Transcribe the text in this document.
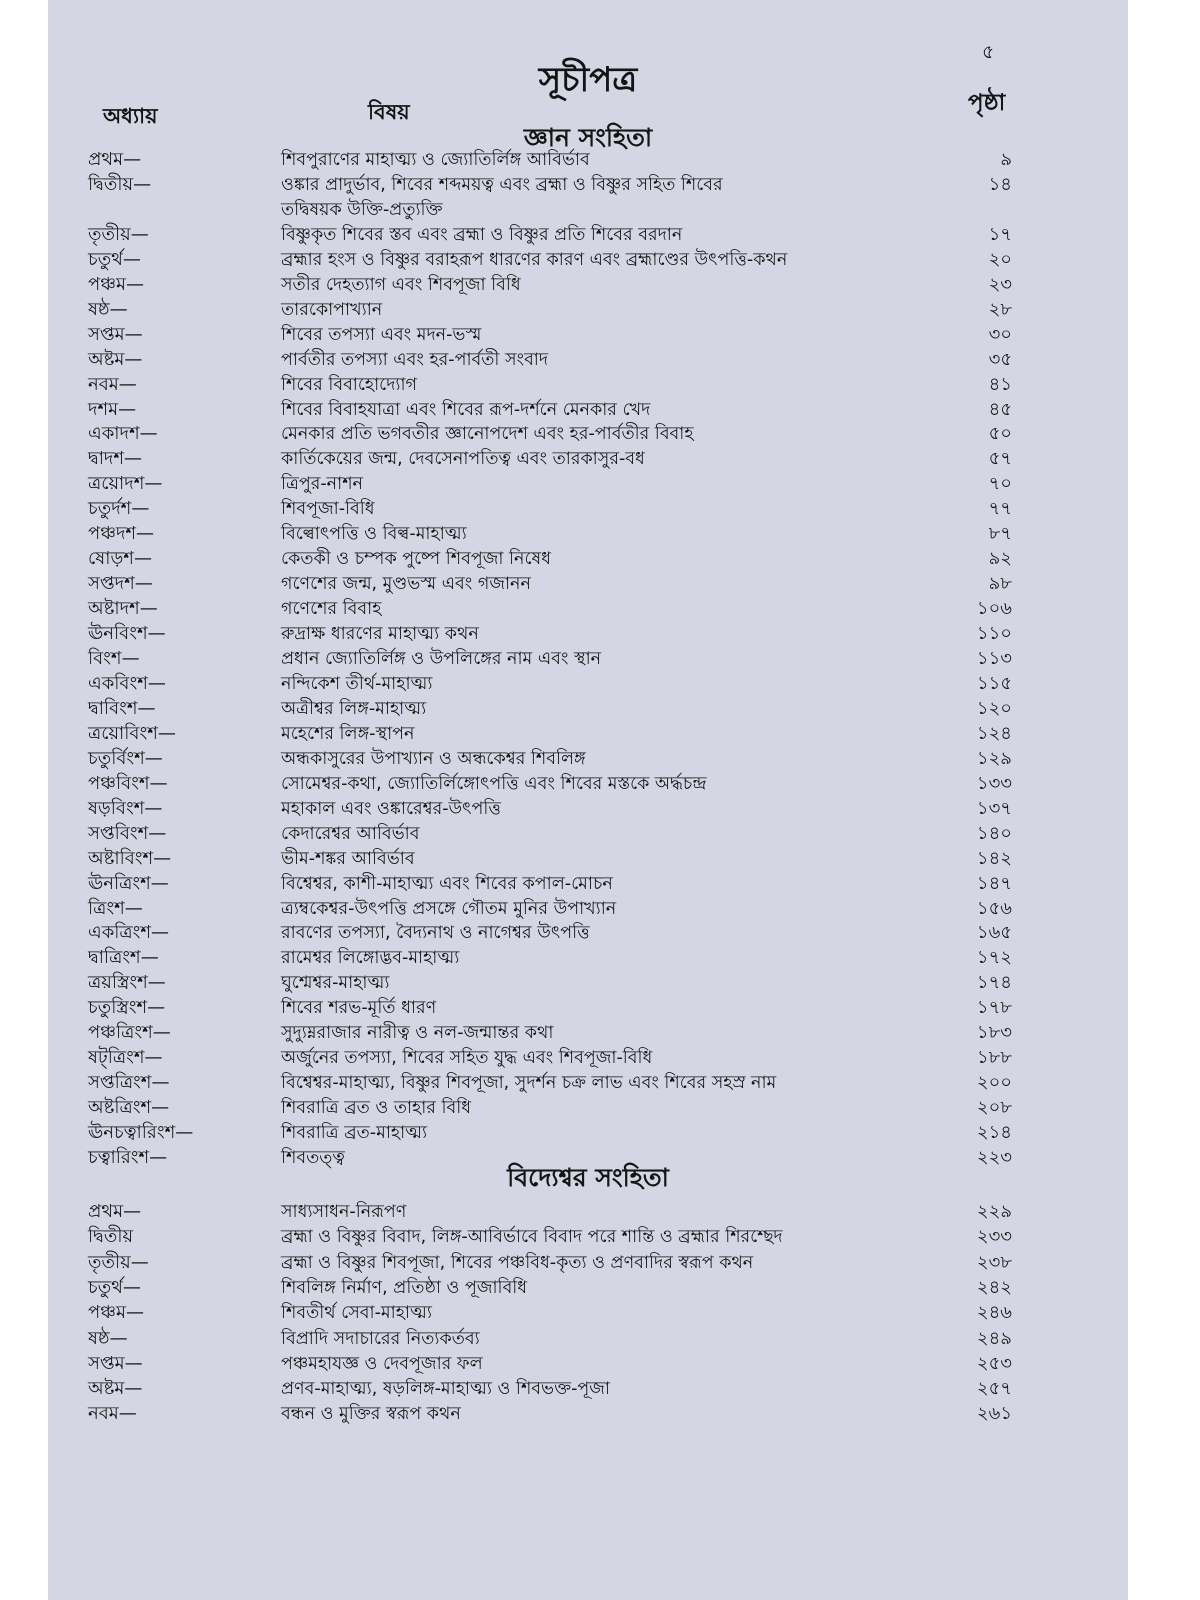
৫
সূচীপত্র
অধ্যায়	বিষয়	পৃষ্ঠা
জ্ঞান সংহিতা
প্রথম—	শিবপুরাণের মাহাত্ম্য ও জ্যোতির্লিঙ্গ আবির্ভাব	৯
দ্বিতীয়—	ওঙ্কার প্রাদুর্ভাব, শিবের শব্দময়ত্ব এবং ব্রহ্মা ও বিষ্ণুর সহিত শিবের	১৪
তদ্বিষয়ক উক্তি-প্রত্যুক্তি
তৃতীয়—	বিষ্ণুকৃত শিবের স্তব এবং ব্রহ্মা ও বিষ্ণুর প্রতি শিবের বরদান	১৭
চতুর্থ—	ব্রহ্মার হংস ও বিষ্ণুর বরাহরূপ ধারণের কারণ এবং ব্রহ্মাণ্ডের উৎপত্তি-কথন	২০
পঞ্চম—	সতীর দেহত্যাগ এবং শিবপূজা বিধি	২৩
ষষ্ঠ—	তারকোপাখ্যান	২৮
সপ্তম—	শিবের তপস্যা এবং মদন-ভস্ম	৩০
অষ্টম—	পার্বতীর তপস্যা এবং হর-পার্বতী সংবাদ	৩৫
নবম—	শিবের বিবাহোদ্যোগ	৪১
দশম—	শিবের বিবাহযাত্রা এবং শিবের রূপ-দর্শনে মেনকার খেদ	৪৫
একাদশ—	মেনকার প্রতি ভগবতীর জ্ঞানোপদেশ এবং হর-পার্বতীর বিবাহ	৫০
দ্বাদশ—	কার্তিকেয়ের জন্ম, দেবসেনাপতিত্ব এবং তারকাসুর-বধ	৫৭
ত্রয়োদশ—	ত্রিপুর-নাশন	৭০
চতুর্দশ—	শিবপূজা-বিধি	৭৭
পঞ্চদশ—	বিল্বোৎপত্তি ও বিল্ব-মাহাত্ম্য	৮৭
ষোড়শ—	কেতকী ও চম্পক পুষ্পে শিবপূজা নিষেধ	৯২
সপ্তদশ—	গণেশের জন্ম, মুণ্ডভস্ম এবং গজানন	৯৮
অষ্টাদশ—	গণেশের বিবাহ	১০৬
ঊনবিংশ—	রুদ্রাক্ষ ধারণের মাহাত্ম্য কথন	১১০
বিংশ—	প্রধান জ্যোতির্লিঙ্গ ও উপলিঙ্গের নাম এবং স্থান	১১৩
একবিংশ—	নন্দিকেশ তীর্থ-মাহাত্ম্য	১১৫
দ্বাবিংশ—	অত্রীশ্বর লিঙ্গ-মাহাত্ম্য	১২০
ত্রয়োবিংশ—	মহেশের লিঙ্গ-স্থাপন	১২৪
চতুর্বিংশ—	অন্ধকাসুরের উপাখ্যান ও অন্ধকেশ্বর শিবলিঙ্গ	১২৯
পঞ্চবিংশ—	সোমেশ্বর-কথা, জ্যোতির্লিঙ্গোৎপত্তি এবং শিবের মস্তকে অর্দ্ধচন্দ্র	১৩৩
ষড়বিংশ—	মহাকাল এবং ওঙ্কারেশ্বর-উৎপত্তি	১৩৭
সপ্তবিংশ—	কেদারেশ্বর আবির্ভাব	১৪০
অষ্টাবিংশ—	ভীম-শঙ্কর আবির্ভাব	১৪২
ঊনত্রিংশ—	বিশ্বেশ্বর, কাশী-মাহাত্ম্য এবং শিবের কপাল-মোচন	১৪৭
ত্রিংশ—	ত্র্যম্বকেশ্বর-উৎপত্তি প্রসঙ্গে গৌতম মুনির উপাখ্যান	১৫৬
একত্রিংশ—	রাবণের তপস্যা, বৈদ্যনাথ ও নাগেশ্বর উৎপত্তি	১৬৫
দ্বাত্রিংশ—	রামেশ্বর লিঙ্গোদ্ভব-মাহাত্ম্য	১৭২
ত্রয়স্ত্রিংশ—	ঘুশ্মেশ্বর-মাহাত্ম্য	১৭৪
চতুস্ত্রিংশ—	শিবের শরভ-মূর্তি ধারণ	১৭৮
পঞ্চত্রিংশ—	সুদ্যুম্নরাজার নারীত্ব ও নল-জন্মান্তর কথা	১৮৩
ষট্‌ত্রিংশ—	অর্জুনের তপস্যা, শিবের সহিত যুদ্ধ এবং শিবপূজা-বিধি	১৮৮
সপ্তত্রিংশ—	বিশ্বেশ্বর-মাহাত্ম্য, বিষ্ণুর শিবপূজা, সুদর্শন চক্র লাভ এবং শিবের সহস্র নাম	২০০
অষ্টত্রিংশ—	শিবরাত্রি ব্রত ও তাহার বিধি	২০৮
ঊনচত্বারিংশ—	শিবরাত্রি ব্রত-মাহাত্ম্য	২১৪
চত্বারিংশ—	শিবতত্ত্ব	২২৩
বিদ্যেশ্বর সংহিতা
প্রথম—	সাধ্যসাধন-নিরূপণ	২২৯
দ্বিতীয়	ব্রহ্মা ও বিষ্ণুর বিবাদ, লিঙ্গ-আবির্ভাবে বিবাদ পরে শান্তি ও ব্রহ্মার শিরশ্ছেদ	২৩৩
তৃতীয়—	ব্রহ্মা ও বিষ্ণুর শিবপূজা, শিবের পঞ্চবিধ-কৃত্য ও প্রণবাদির স্বরূপ কথন	২৩৮
চতুর্থ—	শিবলিঙ্গ নির্মাণ, প্রতিষ্ঠা ও পূজাবিধি	২৪২
পঞ্চম—	শিবতীর্থ সেবা-মাহাত্ম্য	২৪৬
ষষ্ঠ—	বিপ্রাদি সদাচারের নিত্যকর্তব্য	২৪৯
সপ্তম—	পঞ্চমহাযজ্ঞ ও দেবপূজার ফল	২৫৩
অষ্টম—	প্রণব-মাহাত্ম্য, ষড়লিঙ্গ-মাহাত্ম্য ও শিবভক্ত-পূজা	২৫৭
নবম—	বন্ধন ও মুক্তির স্বরূপ কথন	২৬১
